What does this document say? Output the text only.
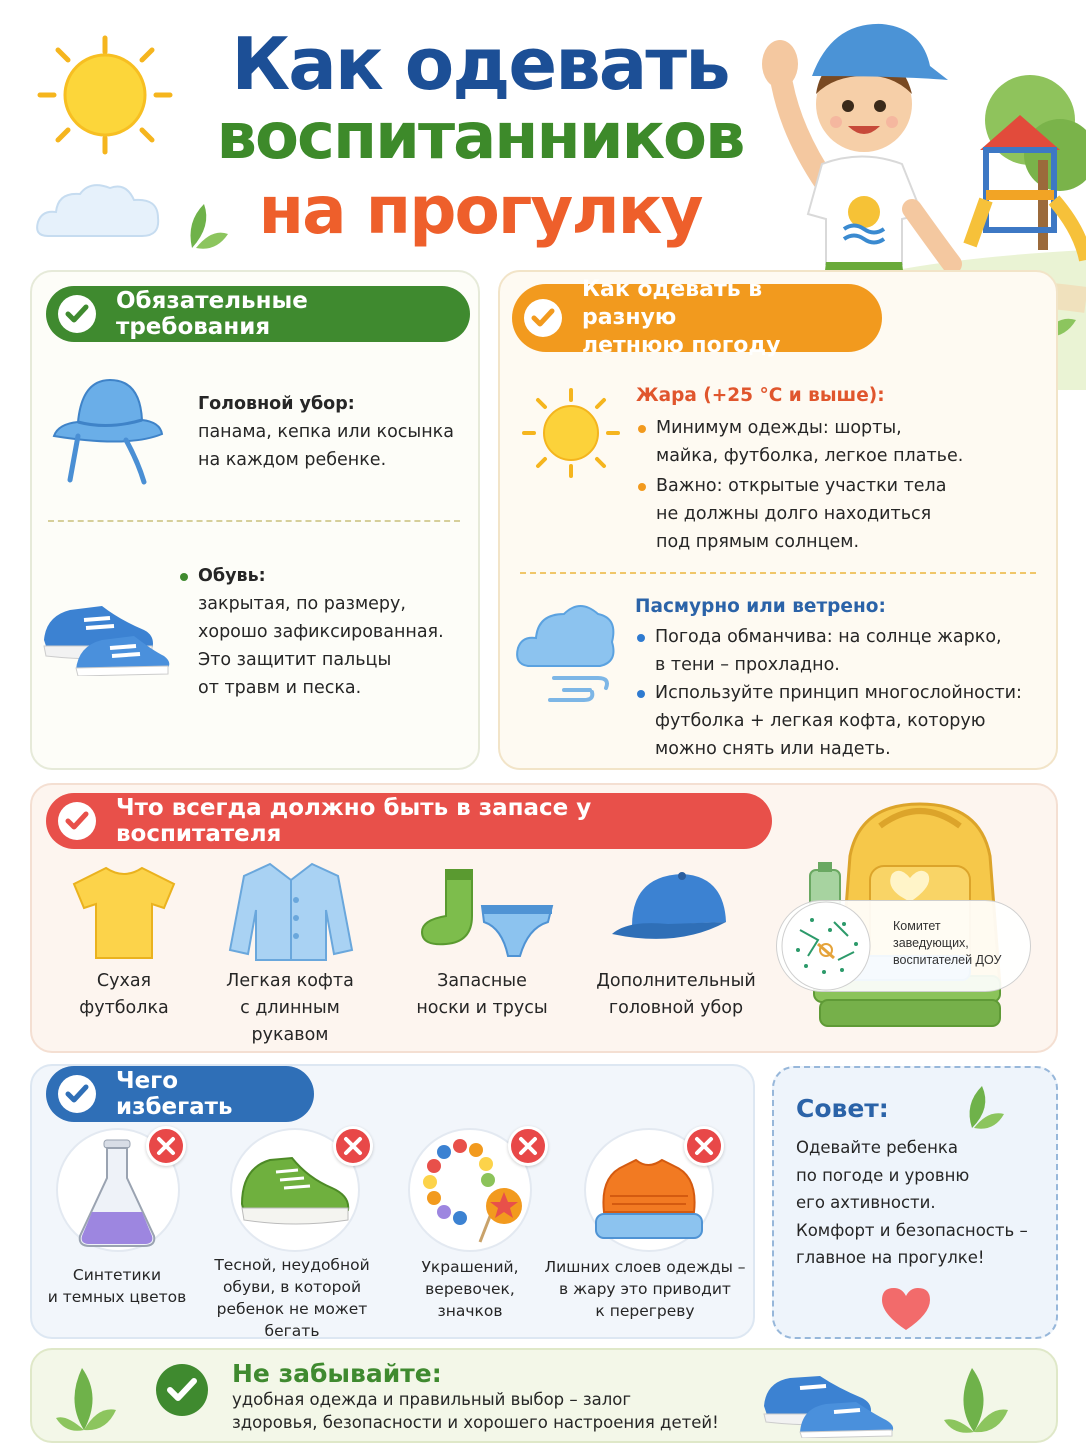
Как одевать
воспитанников
на прогулку
Обязательные требования
Головной убор:
панама, кепка или косынка
на каждом ребенке.
Обувь:
закрытая, по размеру,
хорошо зафиксированная.
Это защитит пальцы
от травм и песка.
Как одевать в разную
летнюю погоду
Жара (+25 °C и выше):
Минимум одежды: шорты,
майка, футболка, легкое платье.
Важно: открытые участки тела
не должны долго находиться
под прямым солнцем.
Пасмурно или ветрено:
Погода обманчива: на солнце жарко,
в тени – прохладно.
Используйте принцип многослойности:
футболка + легкая кофта, которую
можно снять или надеть.
Что всегда должно быть в запасе у воспитателя
Сухая
футболка
Легкая кофта
с длинным
рукавом
Запасные
носки и трусы
Дополнительный
головной убор
Комитет
заведующих,
воспитателей ДОУ
Чего избегать
Синтетики
и темных цветов
Тесной, неудобной
обуви, в которой
ребенок не может
бегать
Украшений,
веревочек,
значков
Лишних слоев одежды –
в жару это приводит
к перегреву
Совет:
Одевайте ребенка
по погоде и уровню
его ахтивности.
Комфорт и безопасность –
главное на прогулке!
Не забывайте:
удобная одежда и правильный выбор – залог
здоровья, безопасности и хорошего настроения детей!
